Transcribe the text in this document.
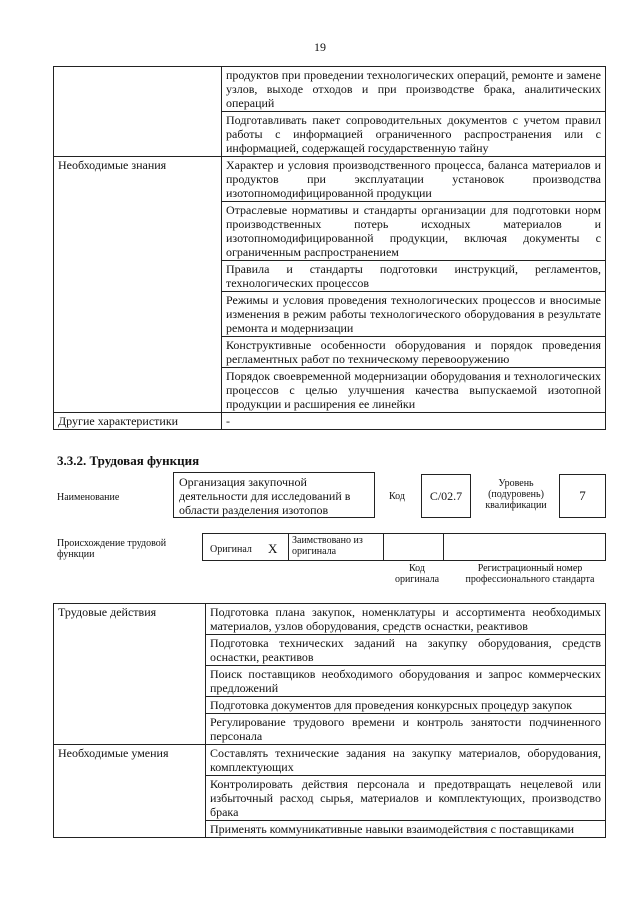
19
	продуктов при проведении технологических операций, ремонте и замене узлов, выходе отходов и при производстве брака, аналитических операций
	Подготавливать пакет сопроводительных документов с учетом правил работы с информацией ограниченного распространения или с информацией, содержащей государственную тайну
Необходимые знания	Характер и условия производственного процесса, баланса материалов и продуктов при эксплуатации установок производства изотопномодифицированной продукции
	Отраслевые нормативы и стандарты организации для подготовки норм производственных потерь исходных материалов и изотопномодифицированной продукции, включая документы с ограниченным распространением
	Правила и стандарты подготовки инструкций, регламентов, технологических процессов
	Режимы и условия проведения технологических процессов и вносимые изменения в режим работы технологического оборудования в результате ремонта и модернизации
	Конструктивные особенности оборудования и порядок проведения регламентных работ по техническому перевооружению
	Порядок своевременной модернизации оборудования и технологических процессов с целью улучшения качества выпускаемой изотопной продукции и расширения ее линейки
Другие характеристики	-
3.3.2. Трудовая функция
Наименование
Организация закупочной деятельности для исследований в области разделения изотопов
Код	С/02.7
Уровень (подуровень) квалификации
7
Происхождение трудовой функции	Оригинал X
Заимствовано из оригинала
Код оригинала
Регистрационный номер профессионального стандарта
Трудовые действия	Подготовка плана закупок, номенклатуры и ассортимента необходимых материалов, узлов оборудования, средств оснастки, реактивов
	Подготовка технических заданий на закупку оборудования, средств оснастки, реактивов
	Поиск поставщиков необходимого оборудования и запрос коммерческих предложений
	Подготовка документов для проведения конкурсных процедур закупок
	Регулирование трудового времени и контроль занятости подчиненного персонала
Необходимые умения	Составлять технические задания на закупку материалов, оборудования, комплектующих
	Контролировать действия персонала и предотвращать нецелевой или избыточный расход сырья, материалов и комплектующих, производство брака
	Применять коммуникативные навыки взаимодействия с поставщиками
